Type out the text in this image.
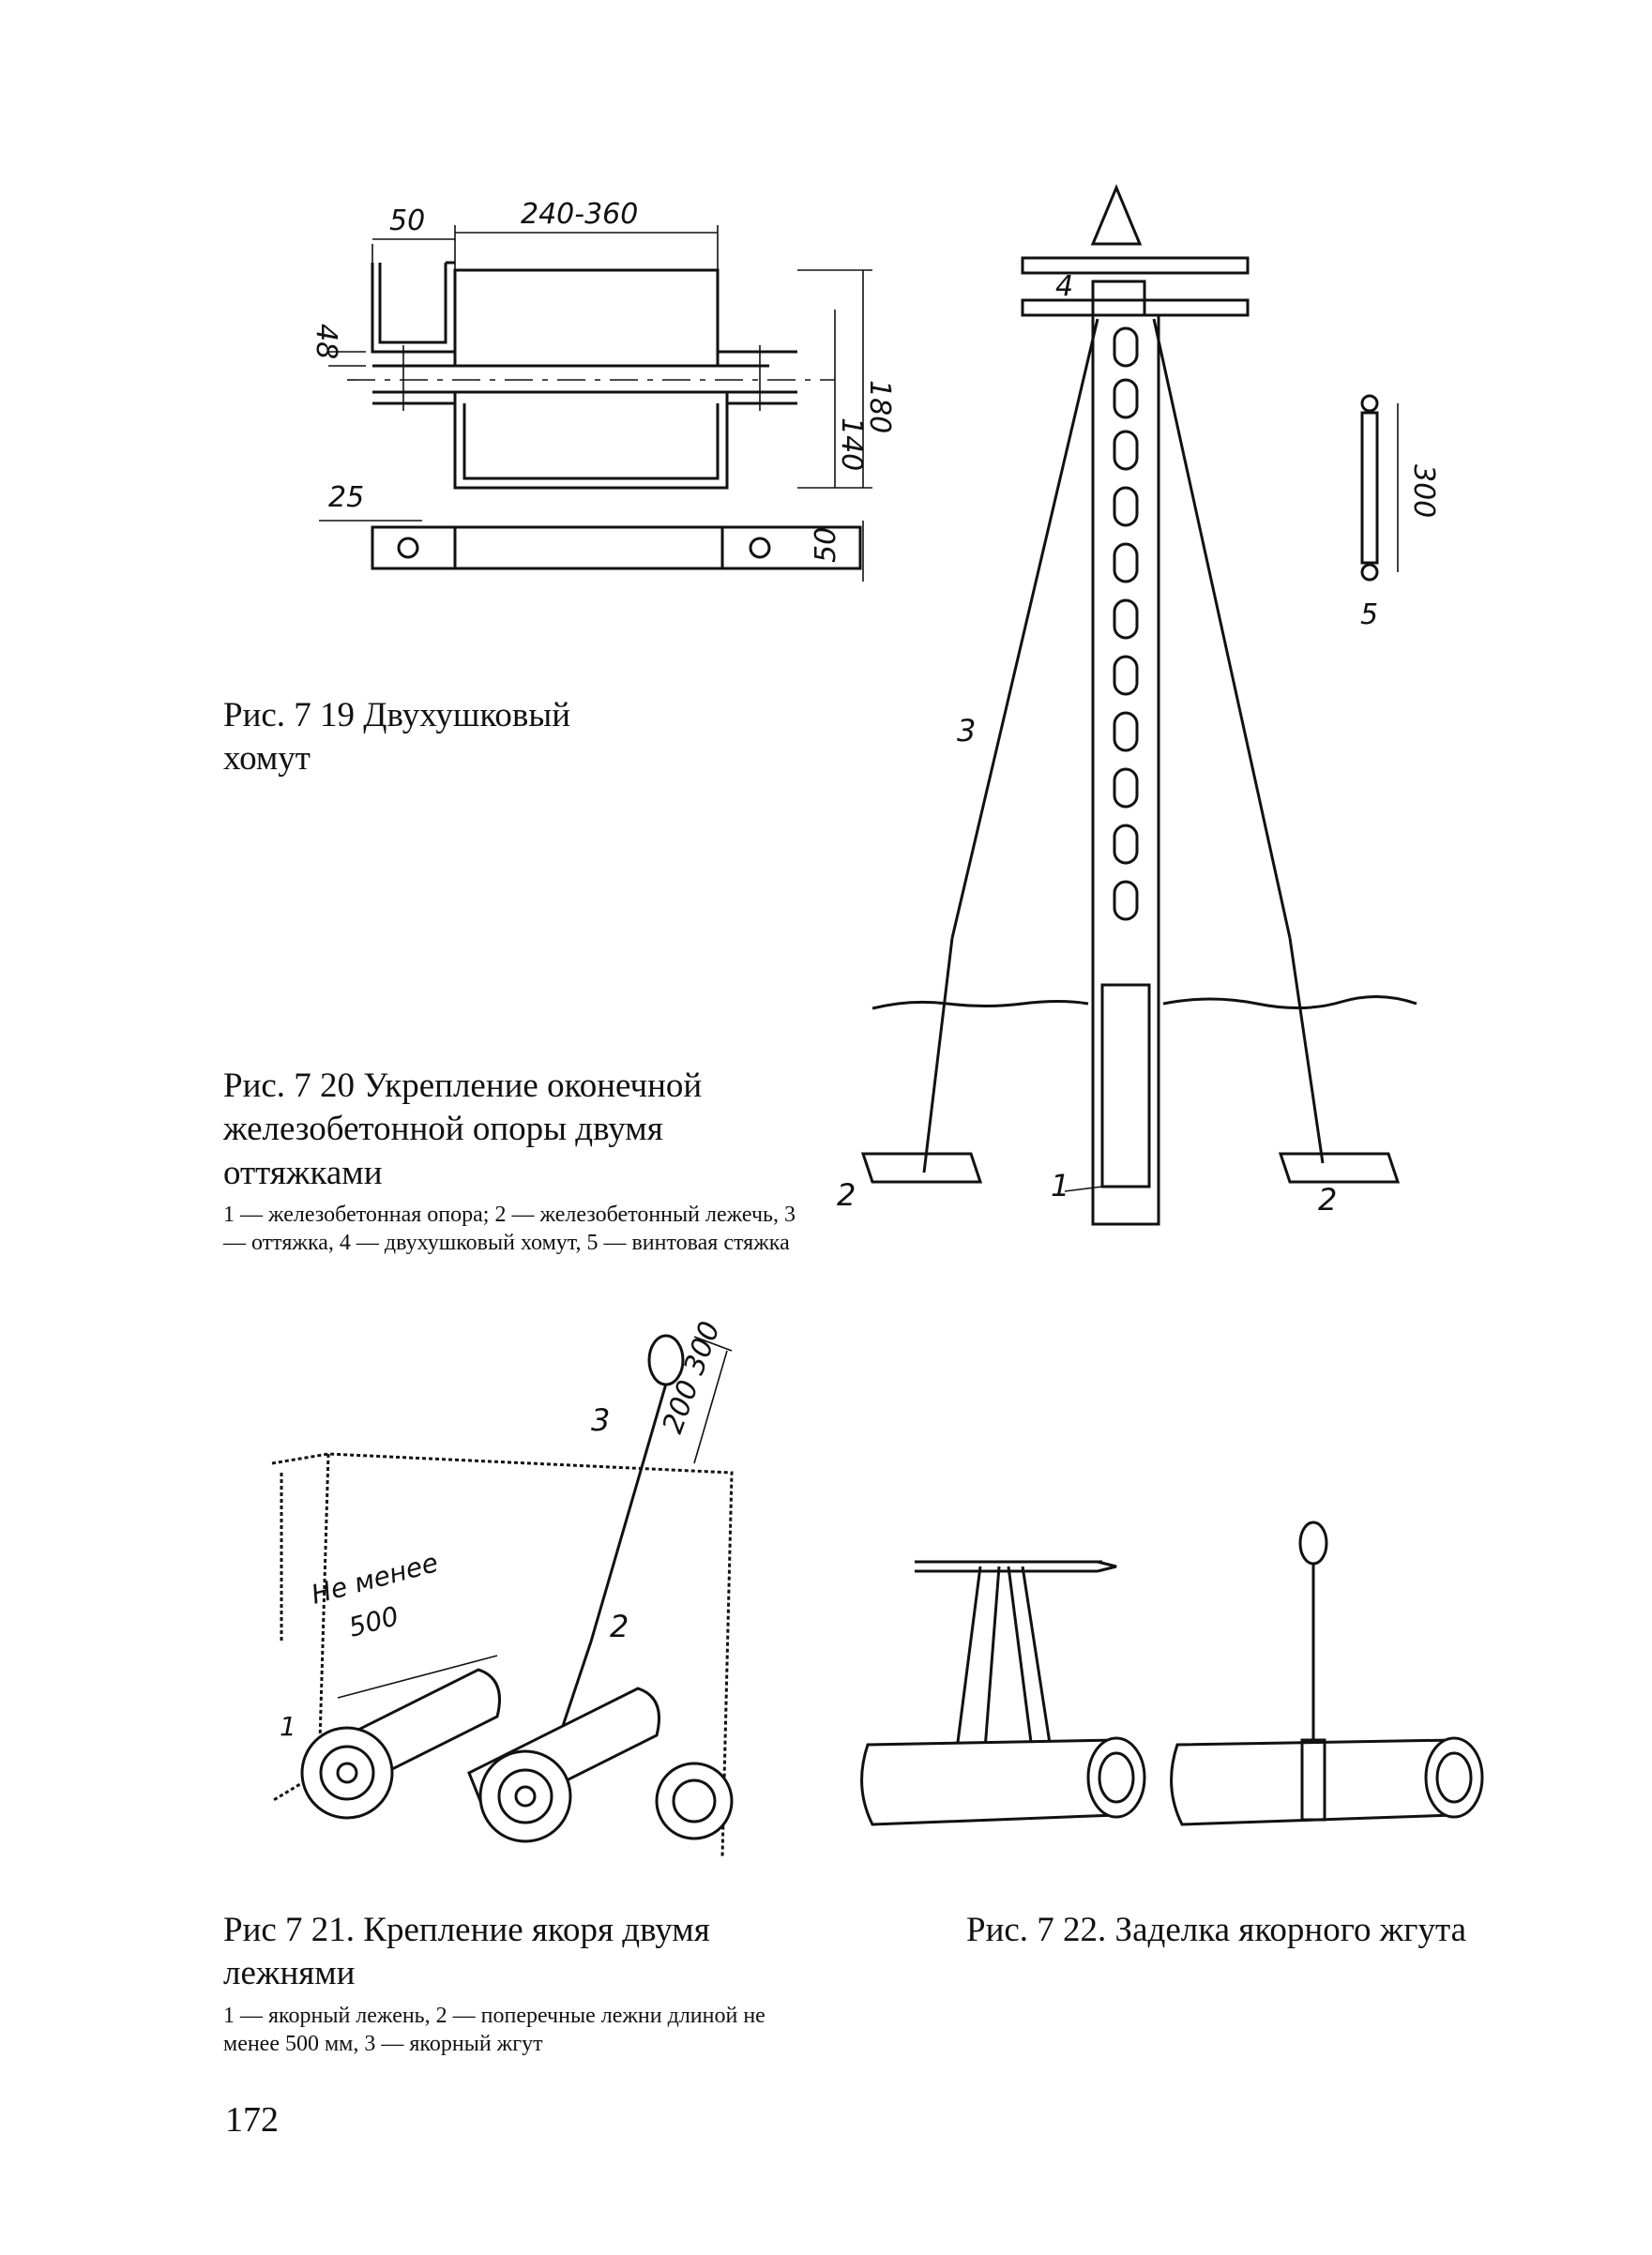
50	240-360
140
180
50
48
25

Рис. 7 19 Двухушковый хомут

4
3
2	2
1
300
5

Рис. 7 20 Укрепление оконечной железобетонной опоры двумя оттяжками

1 — железобетонная опора; 2 — железобетонный лежечь, 3 — оттяжка, 4 — двухушковый хомут, 5 — винтовая стяжка

3 200 300
Не менее
500	2
1

Рис 7 21. Крепление якоря двумя лежнями

1 — якорный лежень, 2 — поперечные лежни длиной не менее 500 мм, 3 — якорный жгут

Рис. 7 22. Заделка якорного жгута

172
